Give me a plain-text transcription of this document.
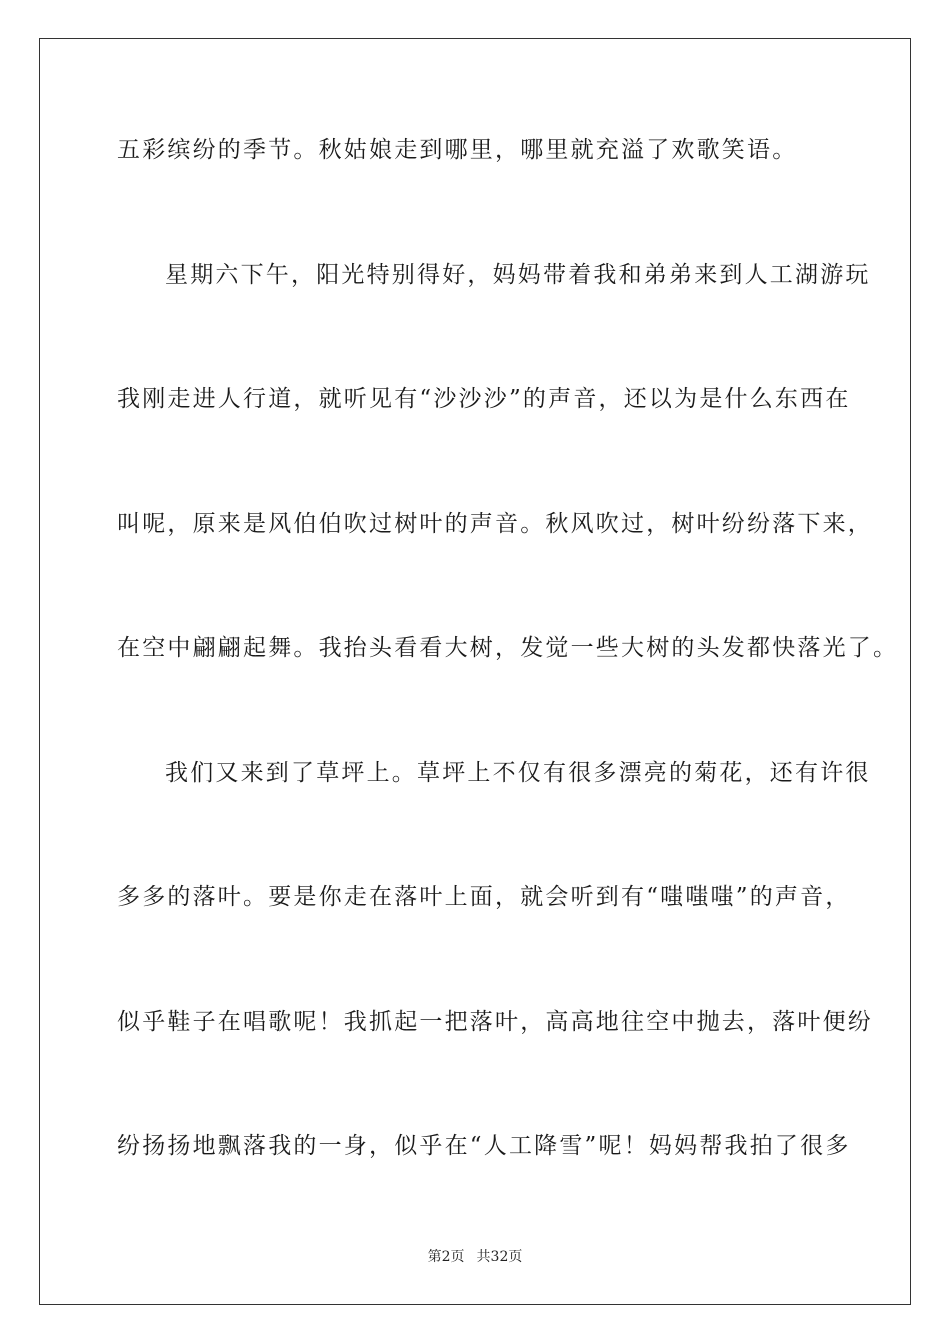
五彩缤纷的季节。秋姑娘走到哪里，哪里就充溢了欢歌笑语。
星期六下午，阳光特别得好，妈妈带着我和弟弟来到人工湖游玩
我刚走进人行道，就听见有“沙沙沙”的声音，还以为是什么东西在
叫呢，原来是风伯伯吹过树叶的声音。秋风吹过，树叶纷纷落下来，
在空中翩翩起舞。我抬头看看大树，发觉一些大树的头发都快落光了。
我们又来到了草坪上。草坪上不仅有很多漂亮的菊花，还有许很
多多的落叶。要是你走在落叶上面，就会听到有“嗤嗤嗤”的声音，
似乎鞋子在唱歌呢！我抓起一把落叶，高高地往空中抛去，落叶便纷
纷扬扬地飘落我的一身，似乎在“人工降雪”呢！妈妈帮我拍了很多
第2页 共32页
